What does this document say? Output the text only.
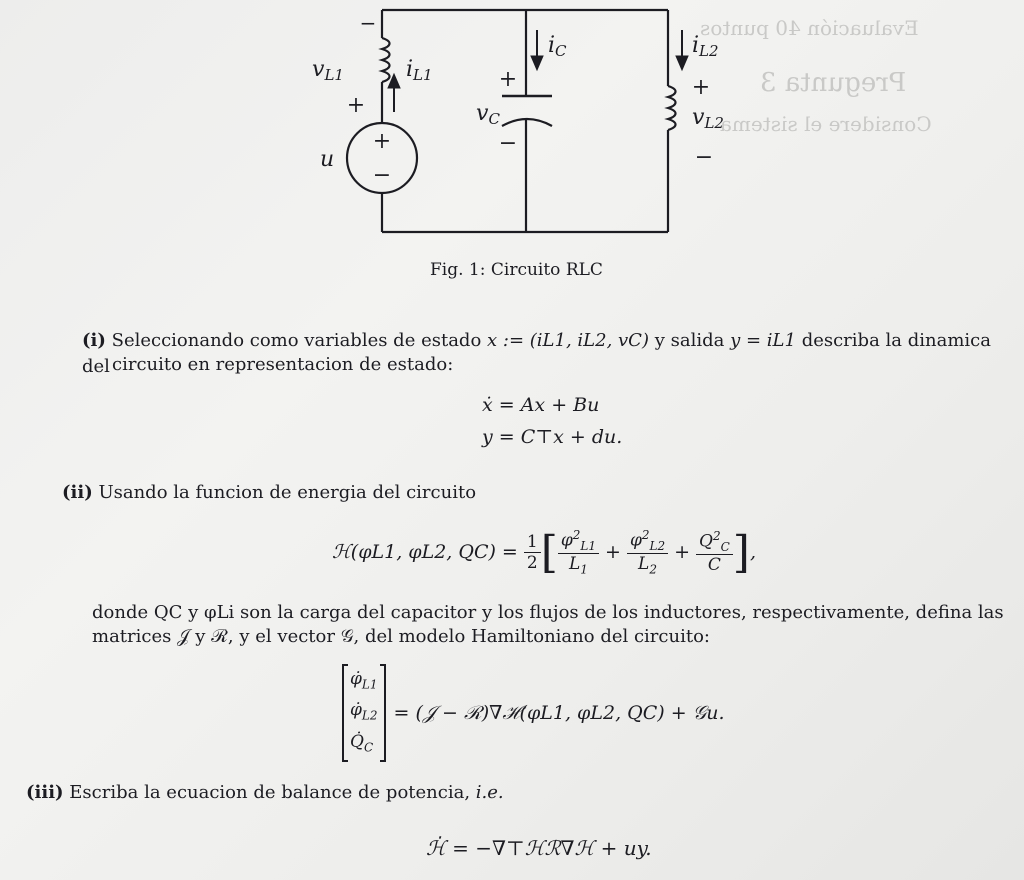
Evaluación 40 puntos
Pregunta 3
Considere el sistema
+
−
−
+
+
−
+
−
vL1	iL1
iC
vC
iL2
vL2
u
Fig. 1: Circuito RLC
(i) Seleccionando como variables de estado x := (iL1, iL2, vC) y salida y = iL1 describa la dinamica del circuito en representacion de estado:
ẋ = Ax + Bu
y = C⊤x + du.
(ii) Usando la funcion de energia del circuito
ℋ(φL1, φL2, $QC) = \frac{1}{2}$ [ $\frac{\varphi^2_{L1}}{L_1} + \frac{\varphi^2_{L2}}{L_2} + \frac{Q^2_C}{C}$ ] ,
donde QC y φLi son la carga del capacitor y los flujos de los inductores, respectivamente, defina las
matrices 𝒥 y ℛ, y el vector 𝒢, del modelo Hamiltoniano del circuito:
$\varphi̇_{L1}$
$\varphi̇_{L2}$
$Q̇_C$
= (𝒥 − ℛ)∇ℋ(φL1, φL2, QC) + 𝒢u.
(iii) Escriba la ecuacion de balance de potencia, i.e.
ℋ̇ = −∇⊤ℋℛ∇ℋ + uy.
